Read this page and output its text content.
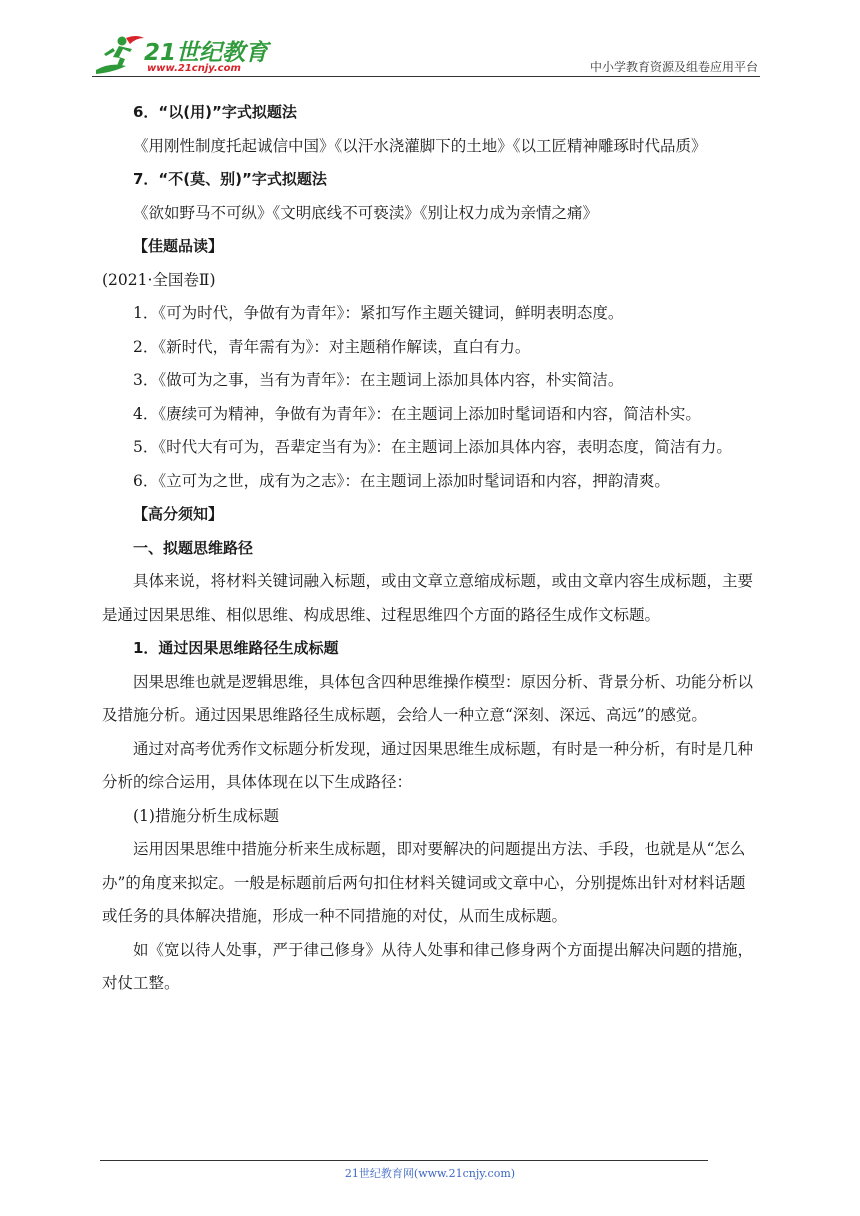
21世纪教育
www.21cnjy.com	中小学教育资源及组卷应用平台

6．“以(用)”字式拟题法

《用刚性制度托起诚信中国》《以汗水浇灌脚下的土地》《以工匠精神雕琢时代品质》

7．“不(莫、别)”字式拟题法

《欲如野马不可纵》《文明底线不可亵渎》《别让权力成为亲情之痛》

【佳题品读】

(2021·全国卷Ⅱ)

1．《可为时代，争做有为青年》：紧扣写作主题关键词，鲜明表明态度。

2．《新时代，青年需有为》：对主题稍作解读，直白有力。

3．《做可为之事，当有为青年》：在主题词上添加具体内容，朴实简洁。

4．《赓续可为精神，争做有为青年》：在主题词上添加时髦词语和内容，简洁朴实。

5．《时代大有可为，吾辈定当有为》：在主题词上添加具体内容，表明态度，简洁有力。

6．《立可为之世，成有为之志》：在主题词上添加时髦词语和内容，押韵清爽。

【高分须知】

一、拟题思维路径

具体来说，将材料关键词融入标题，或由文章立意缩成标题，或由文章内容生成标题，主要是通过因果思维、相似思维、构成思维、过程思维四个方面的路径生成作文标题。

1．通过因果思维路径生成标题

因果思维也就是逻辑思维，具体包含四种思维操作模型：原因分析、背景分析、功能分析以及措施分析。通过因果思维路径生成标题，会给人一种立意“深刻、深远、高远”的感觉。

通过对高考优秀作文标题分析发现，通过因果思维生成标题，有时是一种分析，有时是几种分析的综合运用，具体体现在以下生成路径：

(1)措施分析生成标题

运用因果思维中措施分析来生成标题，即对要解决的问题提出方法、手段，也就是从“怎么办”的角度来拟定。一般是标题前后两句扣住材料关键词或文章中心，分别提炼出针对材料话题或任务的具体解决措施，形成一种不同措施的对仗，从而生成标题。

如《宽以待人处事，严于律己修身》从待人处事和律己修身两个方面提出解决问题的措施，对仗工整。

21世纪教育网(www.21cnjy.com)
